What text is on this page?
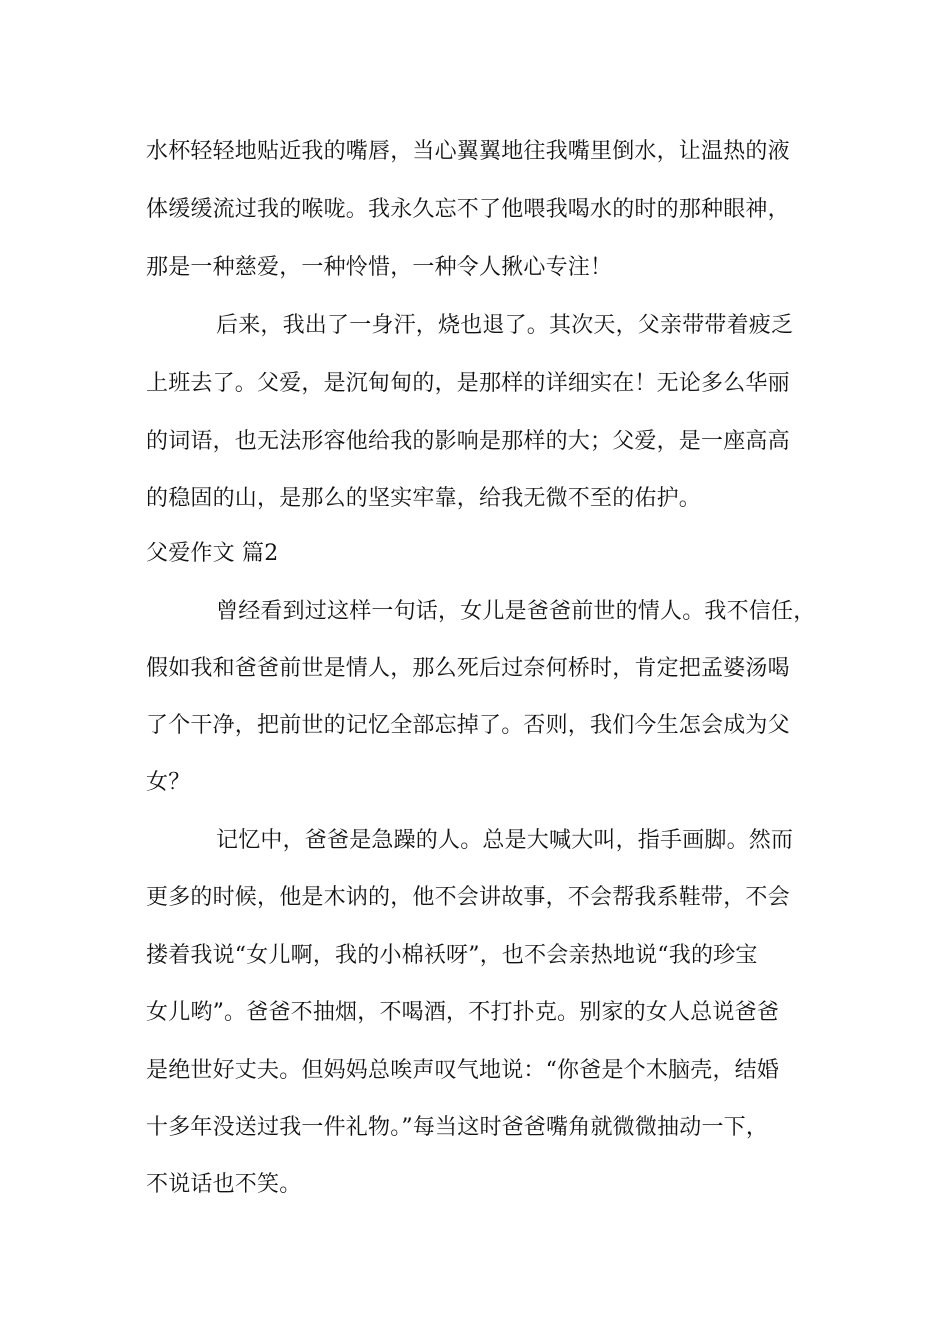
水杯轻轻地贴近我的嘴唇，当心翼翼地往我嘴里倒水，让温热的液
体缓缓流过我的喉咙。我永久忘不了他喂我喝水的时的那种眼神，
那是一种慈爱，一种怜惜，一种令人揪心专注！
后来，我出了一身汗，烧也退了。其次天，父亲带带着疲乏
上班去了。父爱，是沉甸甸的，是那样的详细实在！无论多么华丽
的词语，也无法形容他给我的影响是那样的大；父爱，是一座高高
的稳固的山，是那么的坚实牢靠，给我无微不至的佑护。
父爱作文 篇2
曾经看到过这样一句话，女儿是爸爸前世的情人。我不信任，
假如我和爸爸前世是情人，那么死后过奈何桥时，肯定把孟婆汤喝
了个干净，把前世的记忆全部忘掉了。否则，我们今生怎会成为父
女？
记忆中，爸爸是急躁的人。总是大喊大叫，指手画脚。然而
更多的时候，他是木讷的，他不会讲故事，不会帮我系鞋带，不会
搂着我说“女儿啊，我的小棉袄呀”，也不会亲热地说“我的珍宝
女儿哟”。爸爸不抽烟，不喝酒，不打扑克。别家的女人总说爸爸
是绝世好丈夫。但妈妈总唉声叹气地说：“你爸是个木脑壳，结婚
十多年没送过我一件礼物。”每当这时爸爸嘴角就微微抽动一下，
不说话也不笑。
